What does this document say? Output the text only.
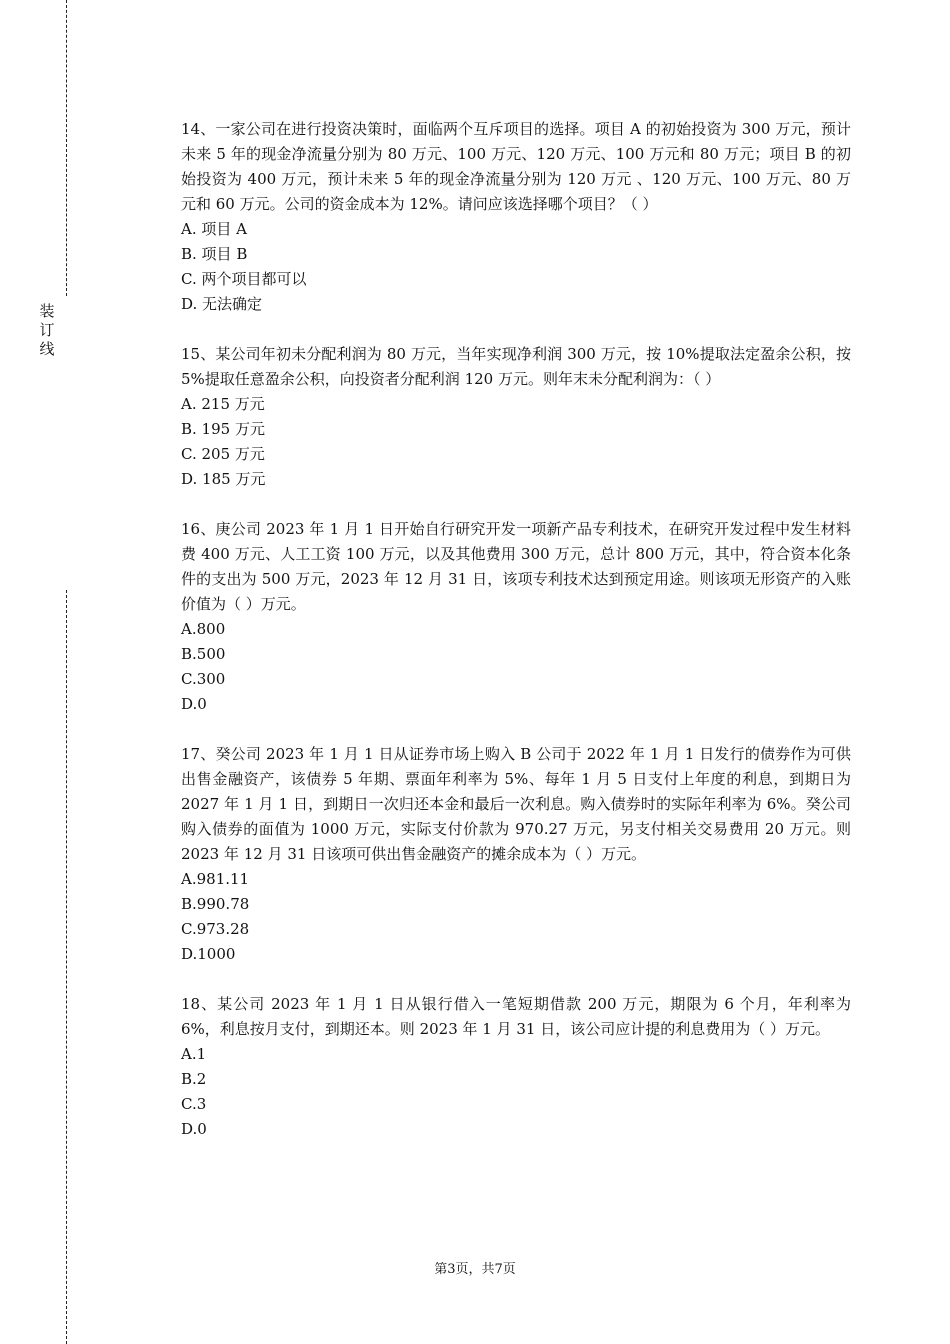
装订线
14、一家公司在进行投资决策时，面临两个互斥项目的选择。项目 A 的初始投资为 300 万元，预计未来 5 年的现金净流量分别为 80 万元、100 万元、120 万元、100 万元和 80 万元；项目 B 的初始投资为 400 万元，预计未来 5 年的现金净流量分别为 120 万元 、120 万元、100 万元、80 万元和 60 万元。公司的资金成本为 12%。请问应该选择哪个项目？（ ）
A. 项目 A
B. 项目 B
C. 两个项目都可以
D. 无法确定
15、某公司年初未分配利润为 80 万元，当年实现净利润 300 万元，按 10%提取法定盈余公积，按 5%提取任意盈余公积，向投资者分配利润 120 万元。则年末未分配利润为：（ ）
A. 215 万元
B. 195 万元
C. 205 万元
D. 185 万元
16、庚公司 2023 年 1 月 1 日开始自行研究开发一项新产品专利技术，在研究开发过程中发生材料费 400 万元、人工工资 100 万元，以及其他费用 300 万元，总计 800 万元，其中，符合资本化条件的支出为 500 万元，2023 年 12 月 31 日，该项专利技术达到预定用途。则该项无形资产的入账价值为（ ）万元。
A.800
B.500
C.300
D.0
17、癸公司 2023 年 1 月 1 日从证券市场上购入 B 公司于 2022 年 1 月 1 日发行的债券作为可供出售金融资产，该债券 5 年期、票面年利率为 5%、每年 1 月 5 日支付上年度的利息，到期日为 2027 年 1 月 1 日，到期日一次归还本金和最后一次利息。购入债券时的实际年利率为 6%。癸公司购入债券的面值为 1000 万元，实际支付价款为 970.27 万元，另支付相关交易费用 20 万元。则 2023 年 12 月 31 日该项可供出售金融资产的摊余成本为（ ）万元。
A.981.11
B.990.78
C.973.28
D.1000
18、某公司 2023 年 1 月 1 日从银行借入一笔短期借款 200 万元，期限为 6 个月，年利率为 6%，利息按月支付，到期还本。则 2023 年 1 月 31 日，该公司应计提的利息费用为（ ）万元。
A.1
B.2
C.3
D.0
第3页，共7页
